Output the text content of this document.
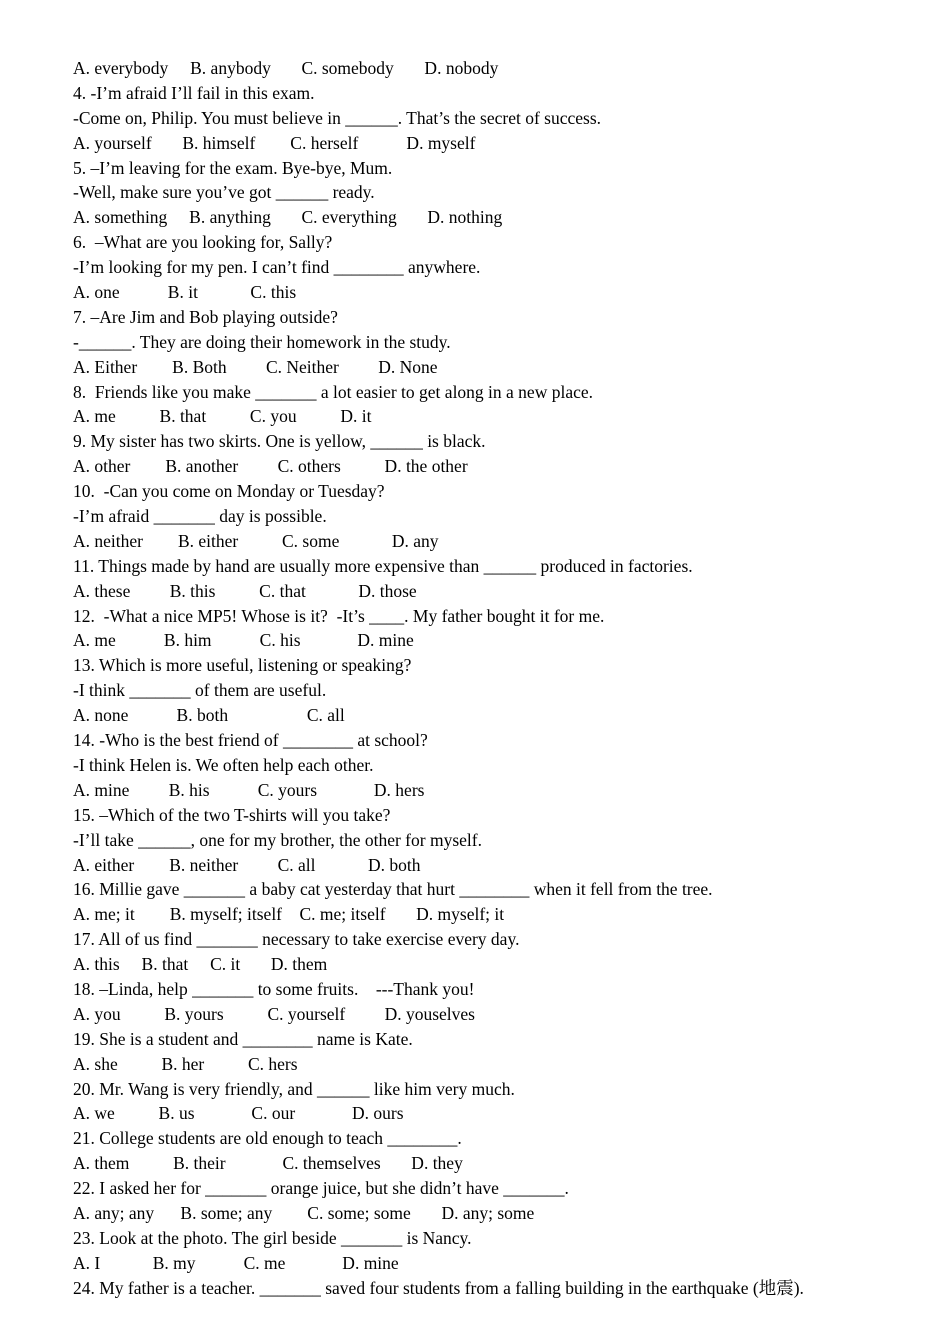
A. everybody     B. anybody       C. somebody       D. nobody

4. -I’m afraid I’ll fail in this exam.

-Come on, Philip. You must believe in ______. That’s the secret of success.

A. yourself       B. himself        C. herself           D. myself

5. –I’m leaving for the exam. Bye-bye, Mum.

-Well, make sure you’ve got ______ ready.

A. something     B. anything       C. everything       D. nothing

6.  –What are you looking for, Sally?

-I’m looking for my pen. I can’t find ________ anywhere.

A. one           B. it            C. this

7. –Are Jim and Bob playing outside?

-______. They are doing their homework in the study.

A. Either        B. Both         C. Neither         D. None

8.  Friends like you make _______ a lot easier to get along in a new place.

A. me          B. that          C. you          D. it

9. My sister has two skirts. One is yellow, ______ is black.

A. other        B. another         C. others          D. the other

10.  -Can you come on Monday or Tuesday?

-I’m afraid _______ day is possible.

A. neither        B. either          C. some            D. any

11. Things made by hand are usually more expensive than ______ produced in factories.

A. these         B. this          C. that            D. those

12.  -What a nice MP5! Whose is it?  -It’s ____. My father bought it for me.

A. me           B. him           C. his             D. mine

13. Which is more useful, listening or speaking?

-I think _______ of them are useful.

A. none           B. both                  C. all

14. -Who is the best friend of ________ at school?

-I think Helen is. We often help each other.

A. mine         B. his           C. yours             D. hers

15. –Which of the two T-shirts will you take?

-I’ll take ______, one for my brother, the other for myself.

A. either        B. neither         C. all            D. both

16. Millie gave _______ a baby cat yesterday that hurt ________ when it fell from the tree.

A. me; it        B. myself; itself    C. me; itself       D. myself; it

17. All of us find _______ necessary to take exercise every day.

A. this     B. that     C. it       D. them

18. –Linda, help _______ to some fruits.    ---Thank you!

A. you          B. yours          C. yourself         D. youselves

19. She is a student and ________ name is Kate.

A. she          B. her          C. hers

20. Mr. Wang is very friendly, and ______ like him very much.

A. we          B. us             C. our             D. ours

21. College students are old enough to teach ________.

A. them          B. their             C. themselves       D. they

22. I asked her for _______ orange juice, but she didn’t have _______.

A. any; any      B. some; any        C. some; some       D. any; some

23. Look at the photo. The girl beside _______ is Nancy.

A. I            B. my           C. me             D. mine

24. My father is a teacher. _______ saved four students from a falling building in the earthquake (地震).
